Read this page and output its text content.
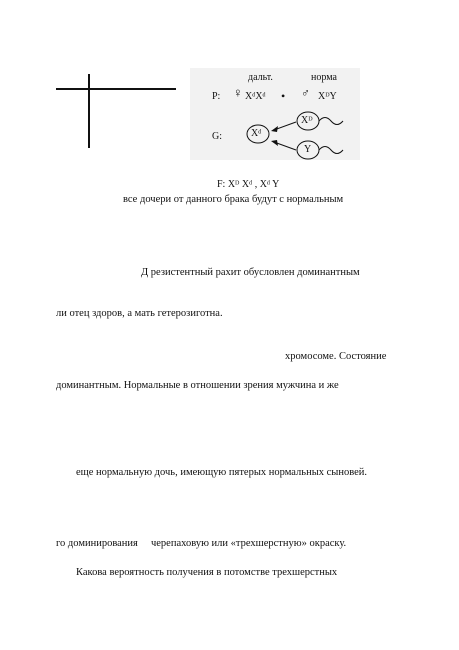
дальт.	норма
P: ♀ XᵈXᵈ • ♂ XᴰY
G:	Xᵈ
Xᴰ
Y
F: Xᴰ Xᵈ , Xᵈ Y
все дочери от данного брака будут с нормальным
Д резистентный рахит обусловлен доминантным
ли отец здоров, а мать гетерозиготна.
хромосоме. Состояние
доминантным. Нормальные в отношении зрения мужчина и же
еще нормальную дочь, имеющую пятерых нормальных сыновей.
го доминирования     черепаховую или «трехшерстную» окраску.
Какова вероятность получения в потомстве трехшерстных
